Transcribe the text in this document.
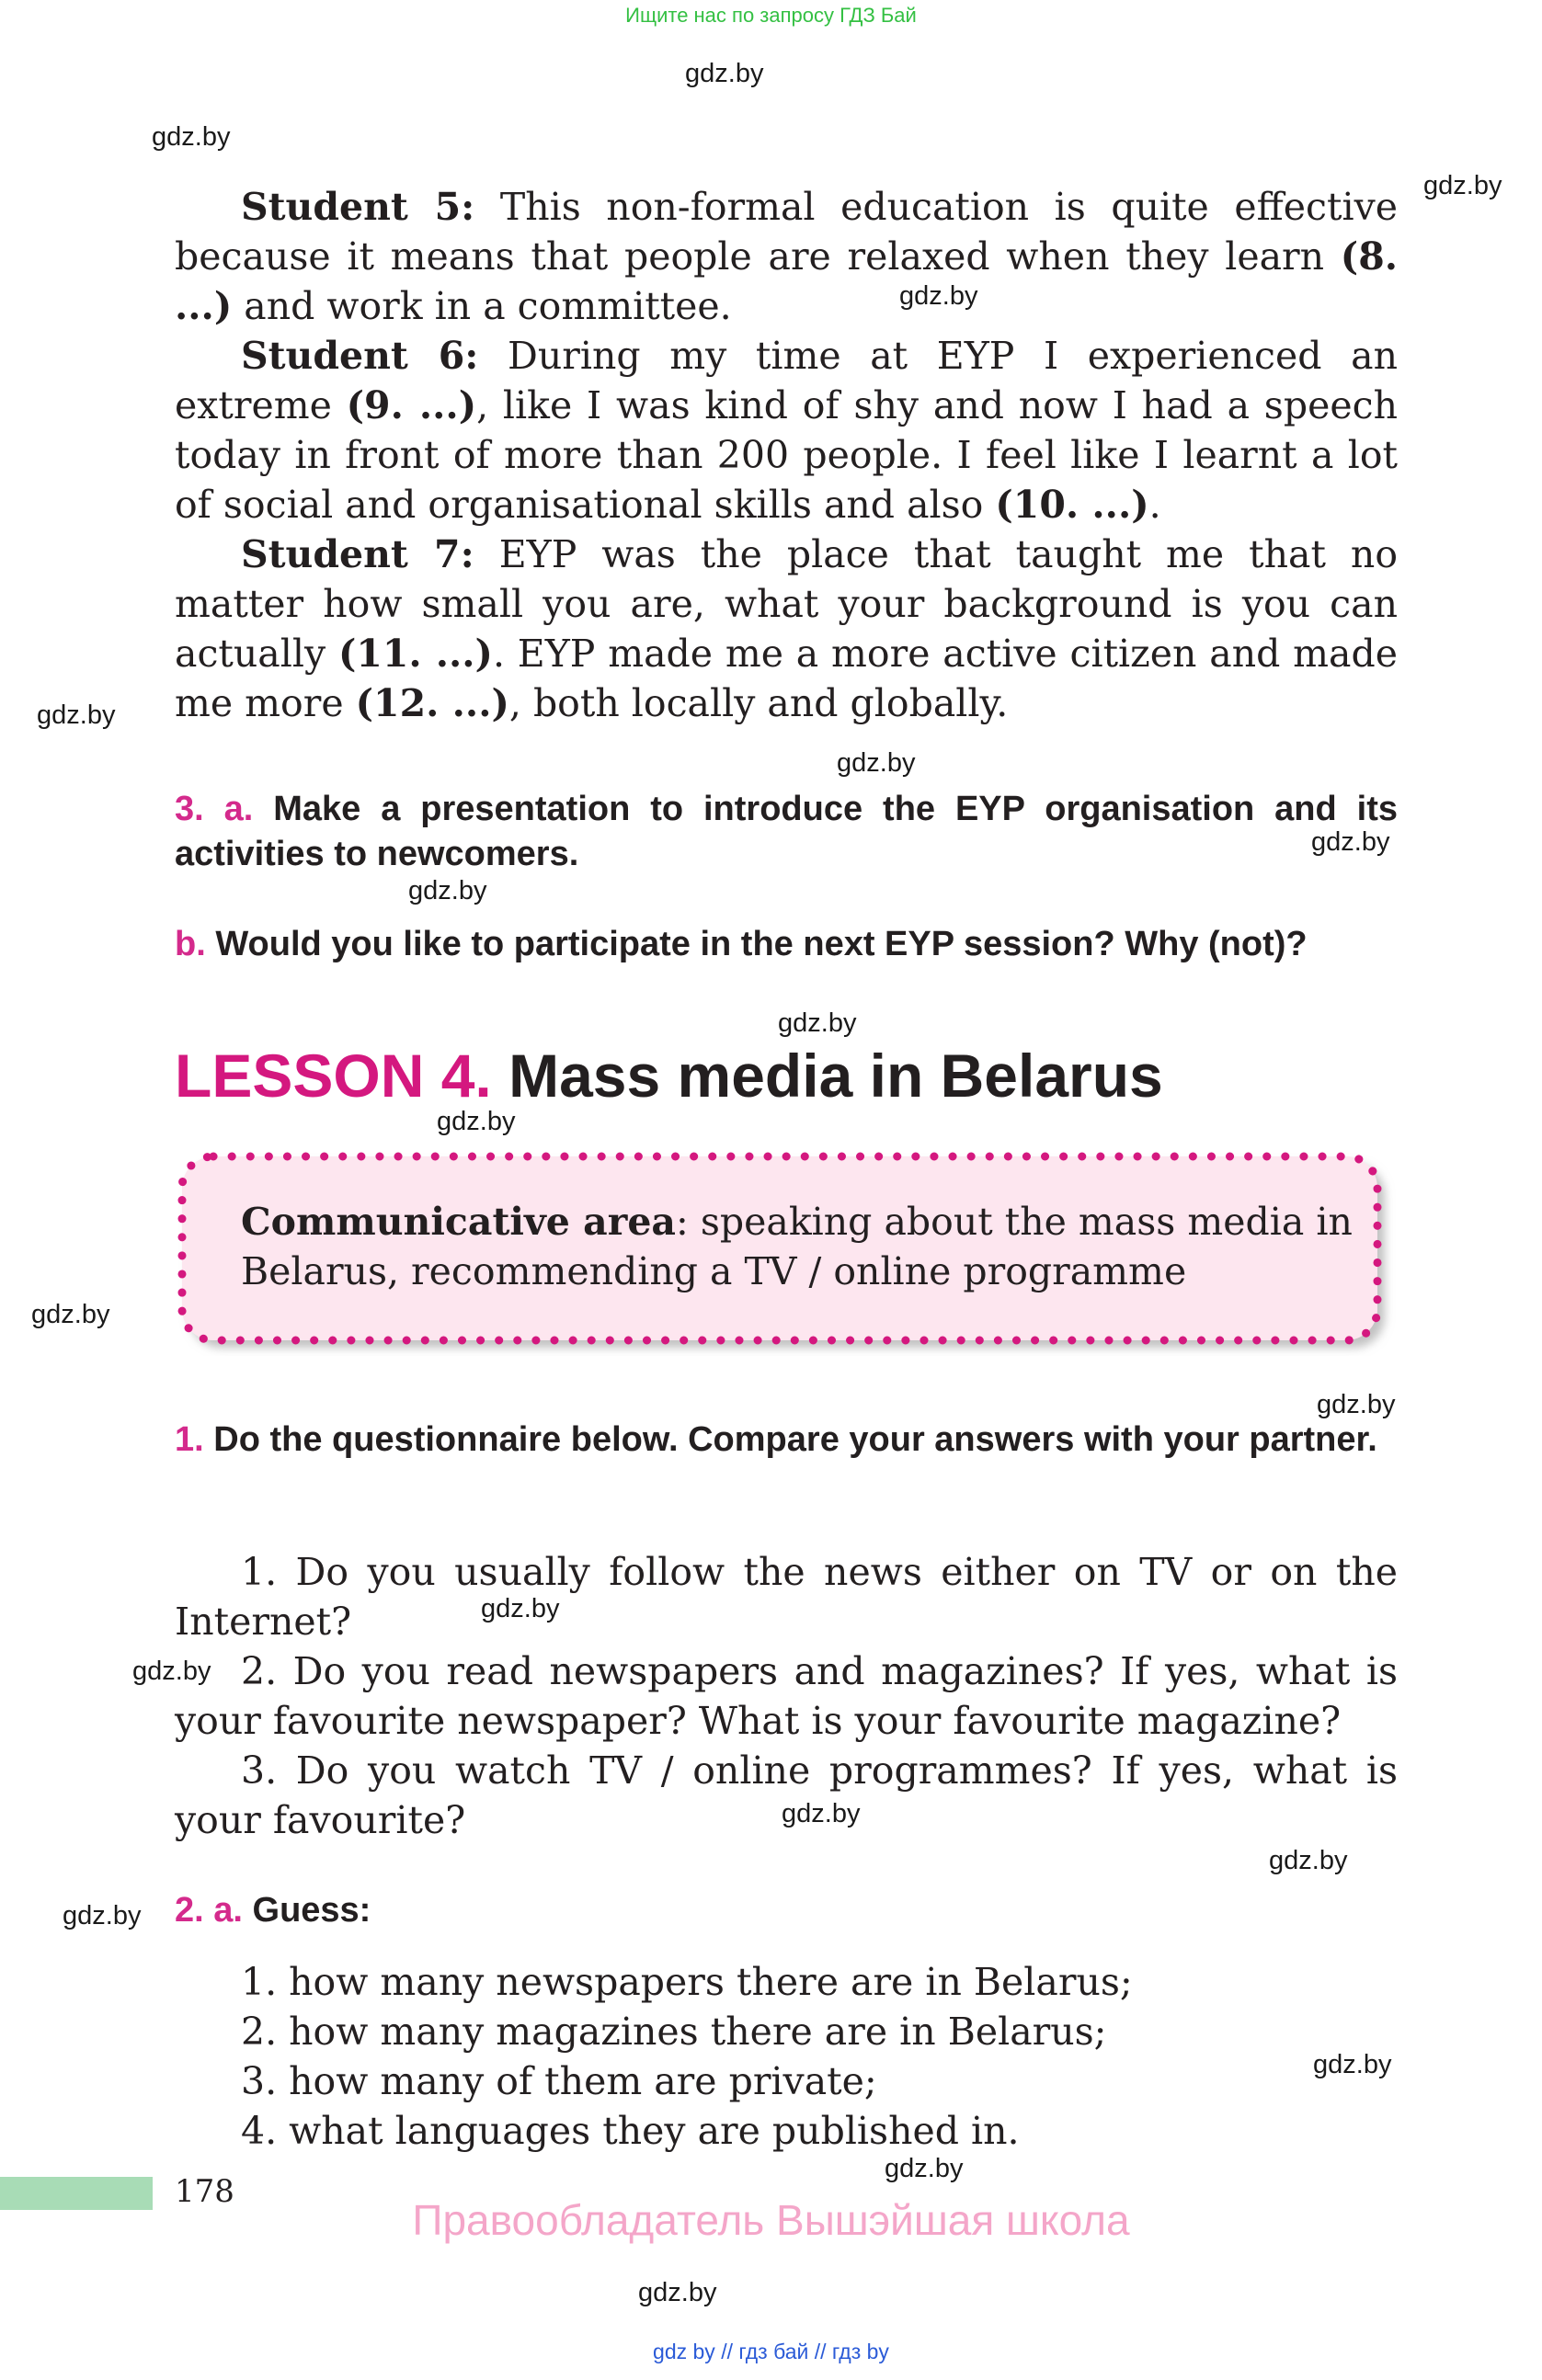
Ищите нас по запросу ГДЗ Бай
gdz.by
gdz.by
gdz.by
gdz.by
gdz.by
gdz.by
gdz.by
gdz.by
gdz.by
gdz.by
gdz.by
gdz.by
gdz.by
gdz.by
gdz.by
gdz.by
gdz.by
gdz.by
gdz.by
gdz.by

Student 5: This non-formal education is quite effective because it means that people are relaxed when they learn (8. ...) and work in a committee.

Student 6: During my time at EYP I experienced an extreme (9. ...), like I was kind of shy and now I had a speech today in front of more than 200 people. I feel like I learnt a lot of social and organisational skills and also (10. ...).

Student 7: EYP was the place that taught me that no matter how small you are, what your background is you can actually (11. ...). EYP made me a more active citizen and made me more (12. ...), both locally and globally.

3. a. Make a presentation to introduce the EYP organisation and its activities to newcomers.
b. Would you like to participate in the next EYP session? Why (not)?
LESSON 4. Mass media in Belarus
Communicative area: speaking about the mass media in Belarus, recommending a TV / online programme
1. Do the questionnaire below. Compare your answers with your partner.

1. Do you usually follow the news either on TV or on the Internet?

2. Do you read newspapers and magazines? If yes, what is your favourite newspaper? What is your favourite magazine?

3. Do you watch TV / online programmes? If yes, what is your favourite?

2. a. Guess:
1. how many newspapers there are in Belarus;
2. how many magazines there are in Belarus;
3. how many of them are private;
4. what languages they are published in.
178
Правообладатель Вышэйшая школа
gdz by // гдз бай // гдз by
